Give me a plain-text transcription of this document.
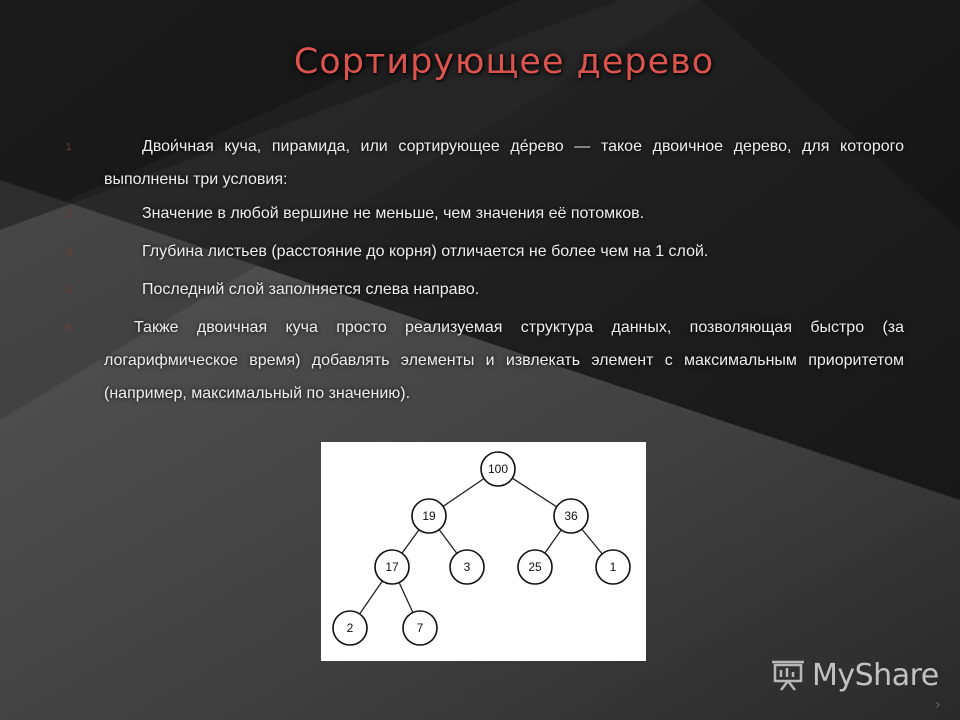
Сортирующее дерево
1	Двои́чная куча, пирамида, или сортирующее де́рево — такое двоичное дерево, для которого выполнены три условия:
2	Значение в любой вершине не меньше, чем значения её потомков.
3	Глубина листьев (расстояние до корня) отличается не более чем на 1 слой.
4	Последний слой заполняется слева направо.
5	Также двоичная куча просто реализуемая структура данных, позволяющая быстро (за логарифмическое время) добавлять элементы и извлекать элемент с максимальным приоритетом (например, максимальный по значению).
100
19	36
17	3	25	1
2	7
MyShare
›
